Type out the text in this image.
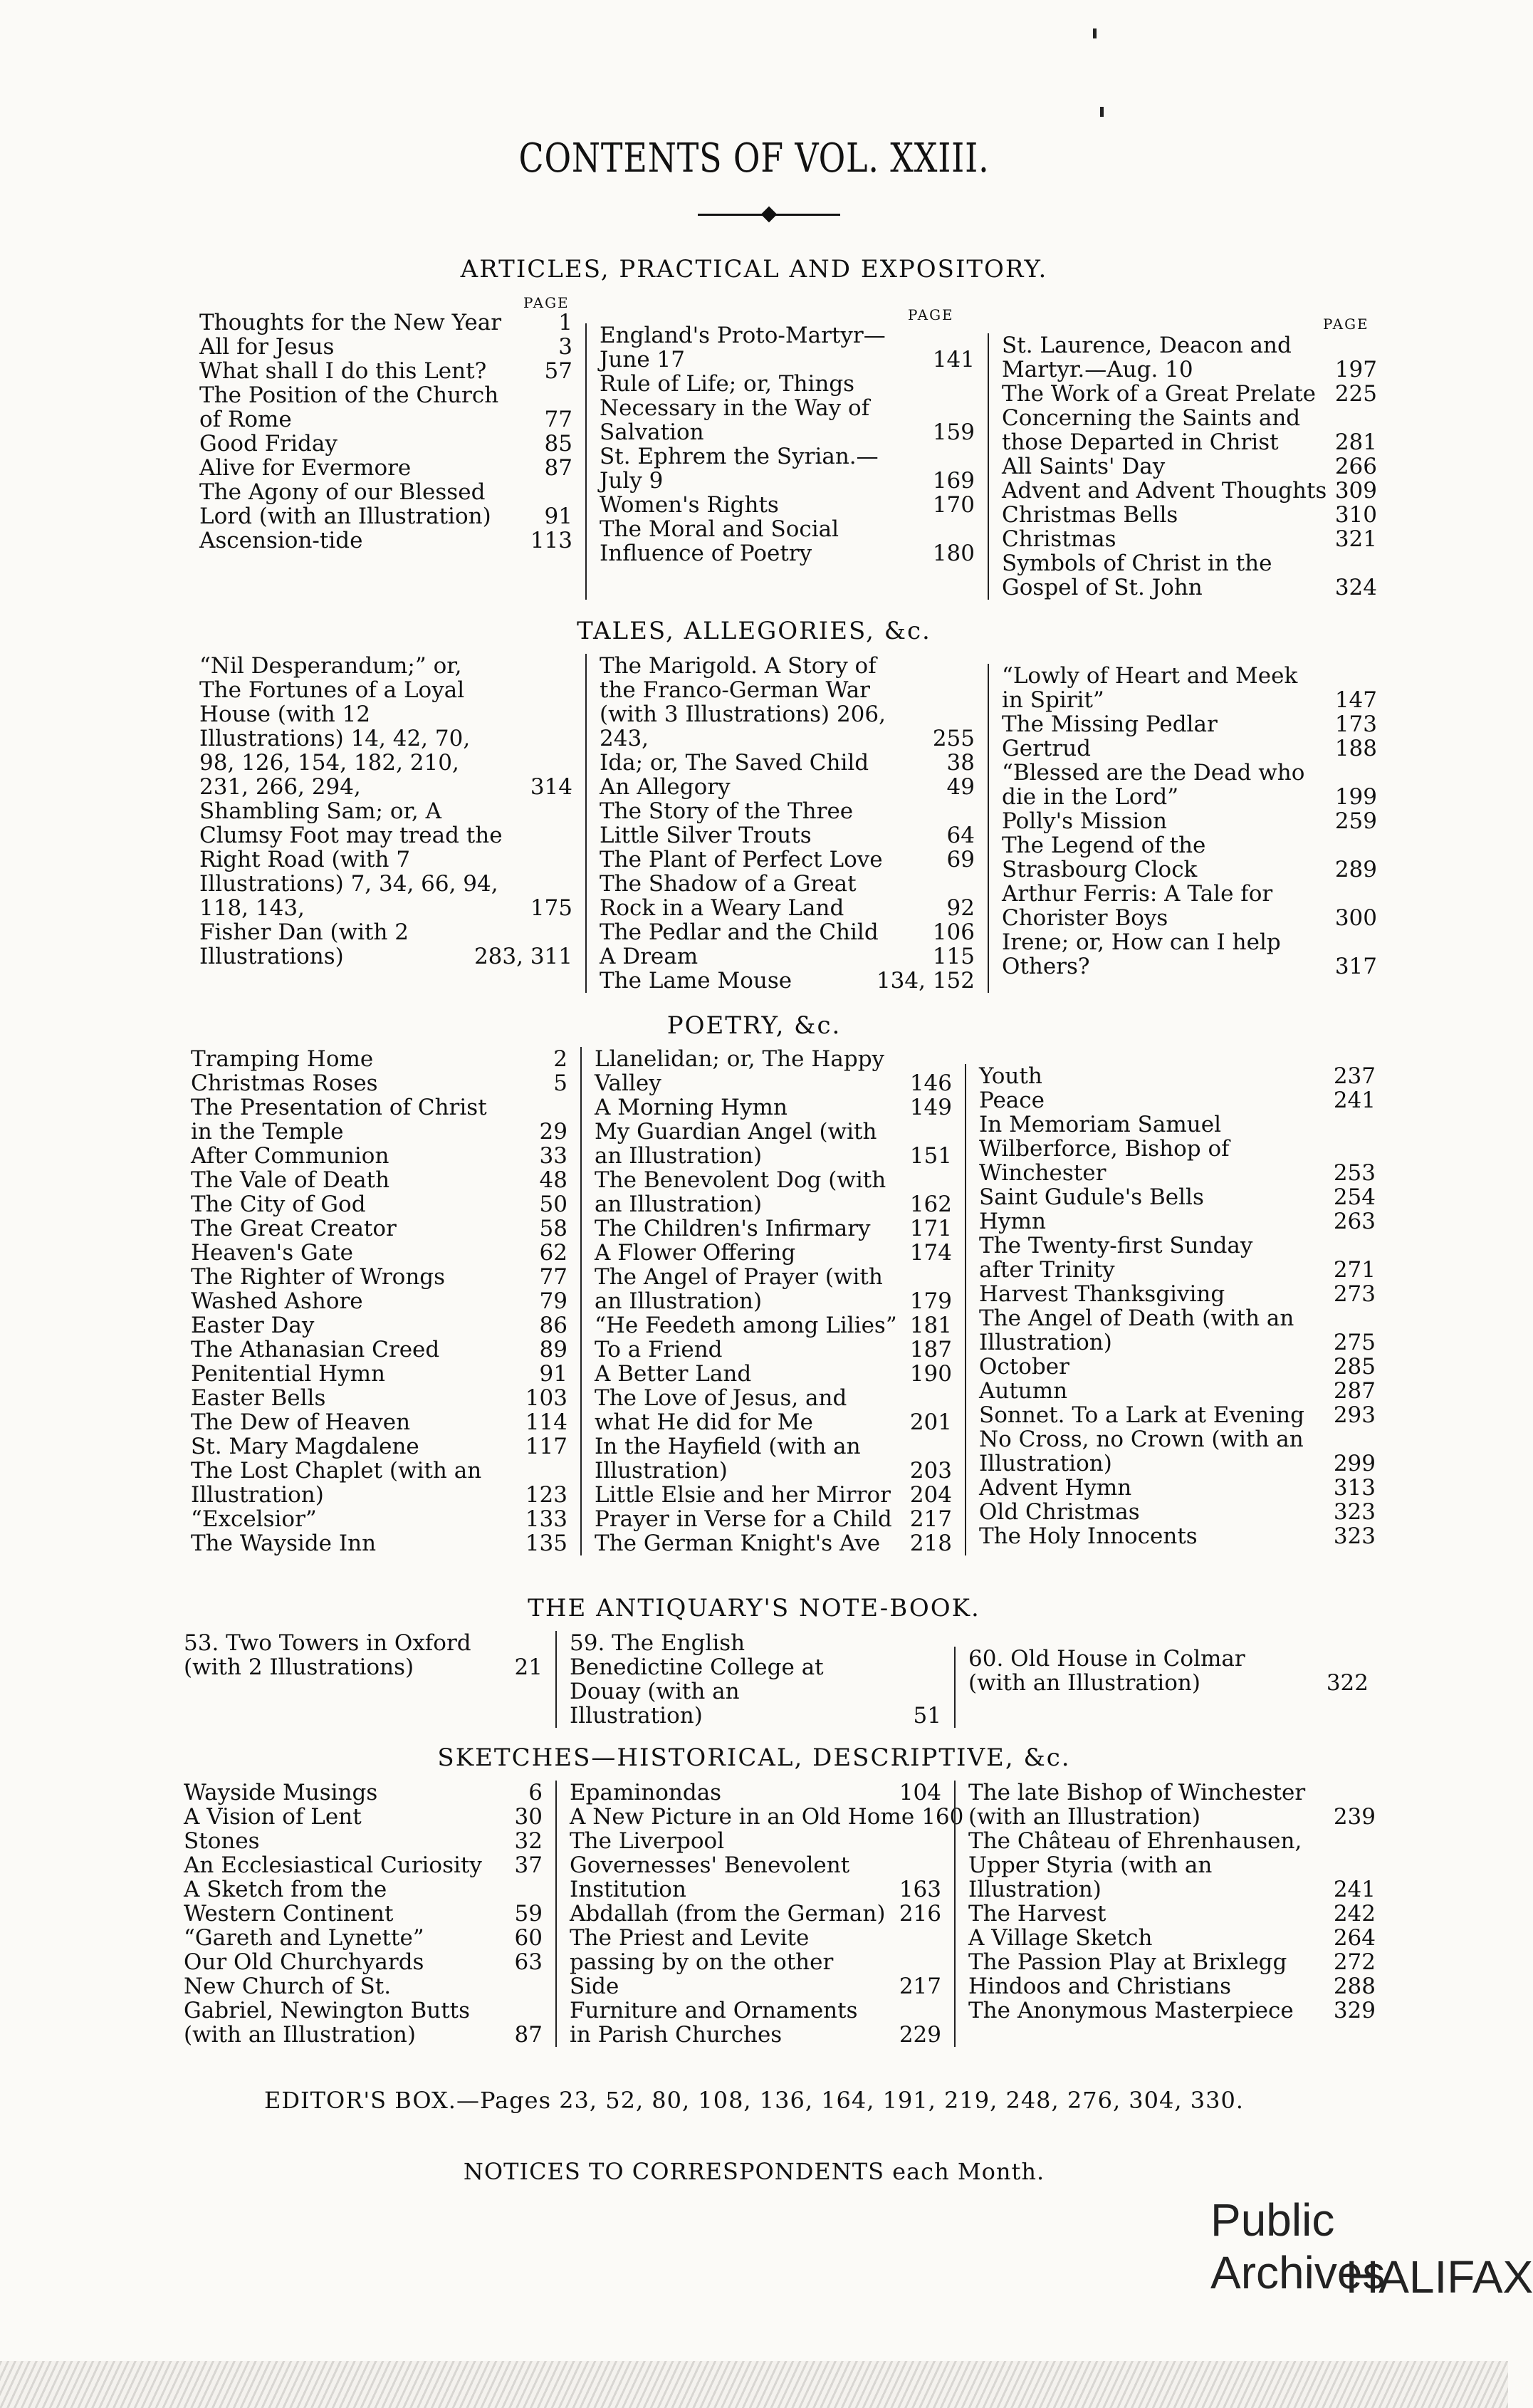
CONTENTS OF VOL. XXIII.
ARTICLES, PRACTICAL AND EXPOSITORY.
PAGE
PAGE
PAGE
Thoughts for the New Year	1
All for Jesus	3
What shall I do this Lent?	57
The Position of the Church of Rome	77
Good Friday	85
Alive for Evermore	87
The Agony of our Blessed Lord (with an Illustration)	91
Ascension-tide	113
England's Proto-Martyr— June 17	141
Rule of Life; or, Things Necessary in the Way of Salvation	159
St. Ephrem the Syrian.— July 9	169
Women's Rights	170
The Moral and Social Influence of Poetry	180
St. Laurence, Deacon and Martyr.—Aug. 10	197
The Work of a Great Prelate 225
Concerning the Saints and those Departed in Christ	281
All Saints' Day	266
Advent and Advent Thoughts 309
Christmas Bells	310
Christmas	321
Symbols of Christ in the Gospel of St. John	324
TALES, ALLEGORIES, &c.
“Nil Desperandum;” or, The Fortunes of a Loyal House (with 12 Illustrations) 14, 42, 70, 98, 126, 154, 182, 210, 231, 266, 294,	314
Shambling Sam; or, A Clumsy Foot may tread the Right Road (with 7 Illustrations) 7, 34, 66, 94, 118, 143,	175
Fisher Dan (with 2 Illustrations)	283, 311
The Marigold. A Story of the Franco-German War (with 3 Illustrations) 206, 243,	255
Ida; or, The Saved Child	38
An Allegory	49
The Story of the Three Little Silver Trouts	64
The Plant of Perfect Love	69
The Shadow of a Great Rock in a Weary Land	92
The Pedlar and the Child	106
A Dream	115
The Lame Mouse	134, 152
“Lowly of Heart and Meek in Spirit”	147
The Missing Pedlar	173
Gertrud	188
“Blessed are the Dead who die in the Lord”	199
Polly's Mission	259
The Legend of the Strasbourg Clock	289
Arthur Ferris: A Tale for Chorister Boys	300
Irene; or, How can I help Others?	317
POETRY, &c.
Tramping Home	2
Christmas Roses	5
The Presentation of Christ in the Temple	29
After Communion	33
The Vale of Death	48
The City of God	50
The Great Creator	58
Heaven's Gate	62
The Righter of Wrongs	77
Washed Ashore	79
Easter Day	86
The Athanasian Creed	89
Penitential Hymn	91
Easter Bells	103
The Dew of Heaven	114
St. Mary Magdalene	117
The Lost Chaplet (with an Illustration)	123
“Excelsior”	133
The Wayside Inn	135
Llanelidan; or, The Happy Valley	146
A Morning Hymn	149
My Guardian Angel (with an Illustration)	151
The Benevolent Dog (with an Illustration)	162
The Children's Infirmary	171
A Flower Offering	174
The Angel of Prayer (with an Illustration)	179
“He Feedeth among Lilies” 181
To a Friend	187
A Better Land	190
The Love of Jesus, and what He did for Me	201
In the Hayfield (with an Illustration)	203
Little Elsie and her Mirror 204
Prayer in Verse for a Child 217
The German Knight's Ave	218
Youth	237
Peace	241
In Memoriam Samuel Wilberforce, Bishop of Winchester	253
Saint Gudule's Bells	254
Hymn	263
The Twenty-first Sunday after Trinity	271
Harvest Thanksgiving	273
The Angel of Death (with an Illustration)	275
October	285
Autumn	287
Sonnet. To a Lark at Evening	293
No Cross, no Crown (with an Illustration)	299
Advent Hymn	313
Old Christmas	323
The Holy Innocents	323
THE ANTIQUARY'S NOTE-BOOK.
53. Two Towers in Oxford (with 2 Illustrations)	21
59. The English Benedictine College at Douay (with an Illustration)	51
60. Old House in Colmar (with an Illustration)	322
SKETCHES—HISTORICAL, DESCRIPTIVE, &c.
Wayside Musings	6
A Vision of Lent	30
Stones	32
An Ecclesiastical Curiosity	37
A Sketch from the Western Continent	59
“Gareth and Lynette”	60
Our Old Churchyards	63
New Church of St. Gabriel, Newington Butts (with an Illustration)	87
Epaminondas	104
A New Picture in an Old Home 160
The Liverpool Governesses' Benevolent Institution	163
Abdallah (from the German) 216
The Priest and Levite passing by on the other Side	217
Furniture and Ornaments in Parish Churches	229
The late Bishop of Winchester (with an Illustration)	239
The Château of Ehrenhausen, Upper Styria (with an Illustration)	241
The Harvest	242
A Village Sketch	264
The Passion Play at Brixlegg	272
Hindoos and Christians	288
The Anonymous Masterpiece	329
EDITOR'S BOX.—Pages 23, 52, 80, 108, 136, 164, 191, 219, 248, 276, 304, 330.
NOTICES TO CORRESPONDENTS each Month.
Public Archives
HALIFAX
